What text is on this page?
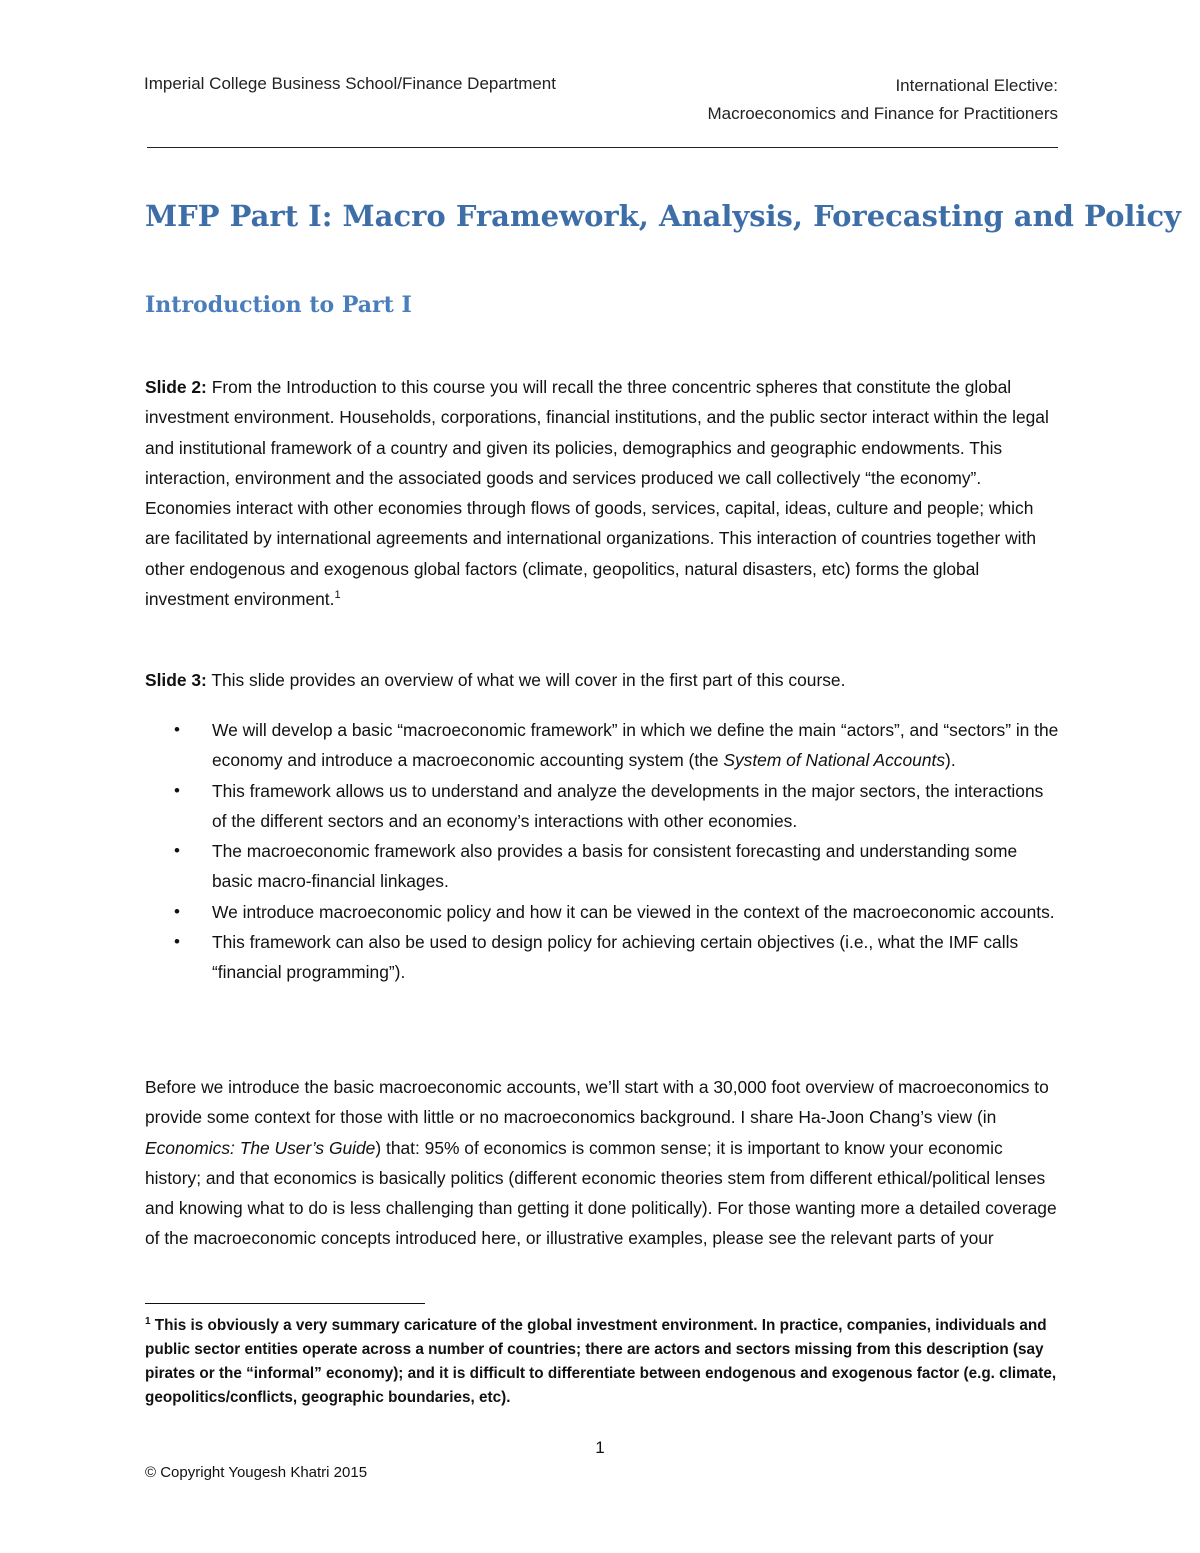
Imperial College Business School/Finance Department	International Elective:
Macroeconomics and Finance for Practitioners
MFP Part I: Macro Framework, Analysis, Forecasting and Policy
Introduction to Part I
Slide 2: From the Introduction to this course you will recall the three concentric spheres that constitute the global investment environment. Households, corporations, financial institutions, and the public sector interact within the legal and institutional framework of a country and given its policies, demographics and geographic endowments. This interaction, environment and the associated goods and services produced we call collectively “the economy”. Economies interact with other economies through flows of goods, services, capital, ideas, culture and people; which are facilitated by international agreements and international organizations. This interaction of countries together with other endogenous and exogenous global factors (climate, geopolitics, natural disasters, etc) forms the global investment environment.$^1$
Slide 3: This slide provides an overview of what we will cover in the first part of this course.
• We will develop a basic “macroeconomic framework” in which we define the main “actors”, and “sectors” in the economy and introduce a macroeconomic accounting system (the System of National Accounts).
• This framework allows us to understand and analyze the developments in the major sectors, the interactions of the different sectors and an economy’s interactions with other economies.
• The macroeconomic framework also provides a basis for consistent forecasting and understanding some basic macro-financial linkages.
• We introduce macroeconomic policy and how it can be viewed in the context of the macroeconomic accounts.
• This framework can also be used to design policy for achieving certain objectives (i.e., what the IMF calls “financial programming”).
Before we introduce the basic macroeconomic accounts, we’ll start with a 30,000 foot overview of macroeconomics to provide some context for those with little or no macroeconomics background. I share Ha-Joon Chang’s view (in Economics: The User’s Guide) that: 95% of economics is common sense; it is important to know your economic history; and that economics is basically politics (different economic theories stem from different ethical/political lenses and knowing what to do is less challenging than getting it done politically). For those wanting more a detailed coverage of the macroeconomic concepts introduced here, or illustrative examples, please see the relevant parts of your
$^1$ This is obviously a very summary caricature of the global investment environment. In practice, companies, individuals and public sector entities operate across a number of countries; there are actors and sectors missing from this description (say pirates or the “informal” economy); and it is difficult to differentiate between endogenous and exogenous factor (e.g. climate, geopolitics/conflicts, geographic boundaries, etc).
1
© Copyright Yougesh Khatri 2015
